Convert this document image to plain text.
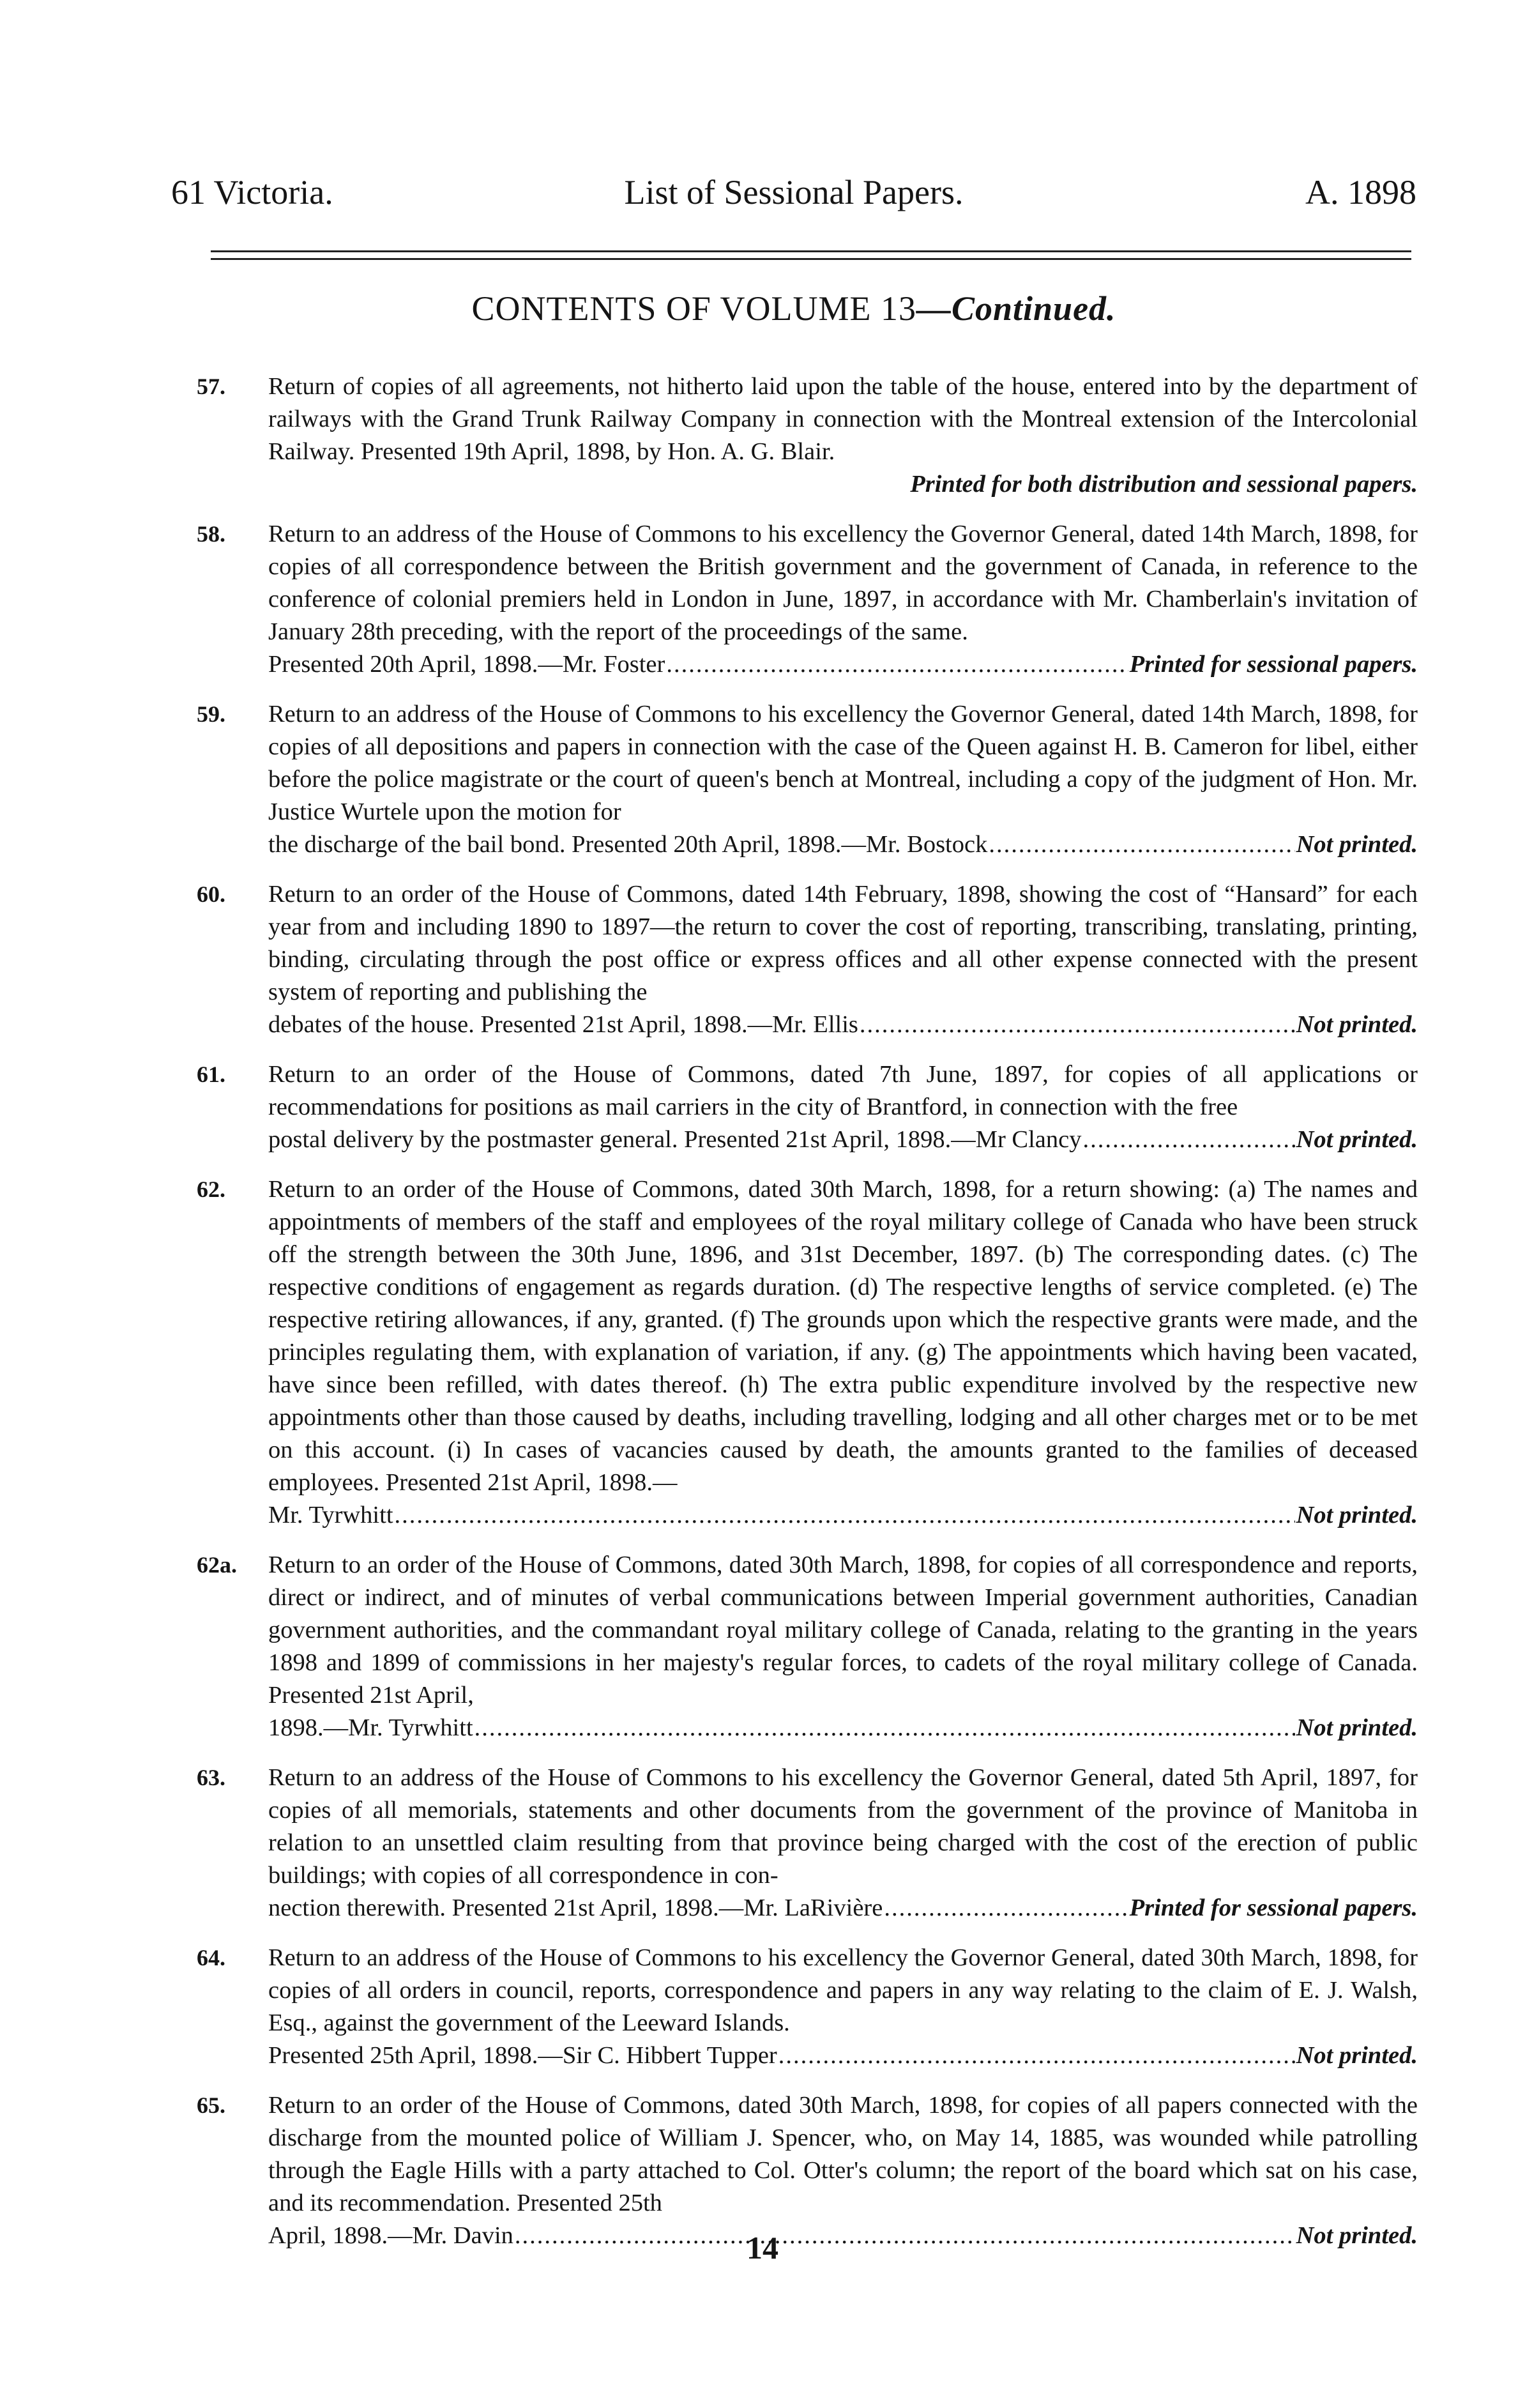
61 Victoria.	List of Sessional Papers.	A. 1898
CONTENTS OF VOLUME 13—Continued.
57. Return of copies of all agreements, not hitherto laid upon the table of the house, entered into by the department of railways with the Grand Trunk Railway Company in connection with the Montreal extension of the Intercolonial Railway. Presented 19th April, 1898, by Hon. A. G. Blair.

Printed for both distribution and sessional papers.
58. Return to an address of the House of Commons to his excellency the Governor General, dated 14th March, 1898, for copies of all correspondence between the British government and the government of Canada, in reference to the conference of colonial premiers held in London in June, 1897, in accordance with Mr. Chamberlain's invitation of January 28th preceding, with the report of the proceedings of the same.

Presented 20th April, 1898.—Mr. Foster .....	Printed for sessional papers.
59. Return to an address of the House of Commons to his excellency the Governor General, dated 14th March, 1898, for copies of all depositions and papers in connection with the case of the Queen against H. B. Cameron for libel, either before the police magistrate or the court of queen's bench at Montreal, including a copy of the judgment of Hon. Mr. Justice Wurtele upon the motion for

the discharge of the bail bond. Presented 20th April, 1898.—Mr. Bostock .....	Not printed.
60. Return to an order of the House of Commons, dated 14th February, 1898, showing the cost of “Hansard” for each year from and including 1890 to 1897—the return to cover the cost of reporting, transcribing, translating, printing, binding, circulating through the post office or express offices and all other expense connected with the present system of reporting and publishing the

debates of the house. Presented 21st April, 1898.—Mr. Ellis .....	Not printed.
61. Return to an order of the House of Commons, dated 7th June, 1897, for copies of all applications or recommendations for positions as mail carriers in the city of Brantford, in connection with the free

postal delivery by the postmaster general. Presented 21st April, 1898.—Mr Clancy .....	Not printed.
62. Return to an order of the House of Commons, dated 30th March, 1898, for a return showing: (a) The names and appointments of members of the staff and employees of the royal military college of Canada who have been struck off the strength between the 30th June, 1896, and 31st December, 1897. (b) The corresponding dates. (c) The respective conditions of engagement as regards duration. (d) The respective lengths of service completed. (e) The respective retiring allowances, if any, granted. (f) The grounds upon which the respective grants were made, and the principles regulating them, with explanation of variation, if any. (g) The appointments which having been vacated, have since been refilled, with dates thereof. (h) The extra public expenditure involved by the respective new appointments other than those caused by deaths, including travelling, lodging and all other charges met or to be met on this account. (i) In cases of vacancies caused by death, the amounts granted to the families of deceased employees. Presented 21st April, 1898.—

Mr. Tyrwhitt .....	Not printed.
62a. Return to an order of the House of Commons, dated 30th March, 1898, for copies of all correspondence and reports, direct or indirect, and of minutes of verbal communications between Imperial government authorities, Canadian government authorities, and the commandant royal military college of Canada, relating to the granting in the years 1898 and 1899 of commissions in her majesty's regular forces, to cadets of the royal military college of Canada. Presented 21st April,

1898.—Mr. Tyrwhitt .....	Not printed.
63. Return to an address of the House of Commons to his excellency the Governor General, dated 5th April, 1897, for copies of all memorials, statements and other documents from the government of the province of Manitoba in relation to an unsettled claim resulting from that province being charged with the cost of the erection of public buildings; with copies of all correspondence in con-

nection therewith. Presented 21st April, 1898.—Mr. LaRivière .....	Printed for sessional papers.
64. Return to an address of the House of Commons to his excellency the Governor General, dated 30th March, 1898, for copies of all orders in council, reports, correspondence and papers in any way relating to the claim of E. J. Walsh, Esq., against the government of the Leeward Islands.

Presented 25th April, 1898.—Sir C. Hibbert Tupper .....	Not printed.
65. Return to an order of the House of Commons, dated 30th March, 1898, for copies of all papers connected with the discharge from the mounted police of William J. Spencer, who, on May 14, 1885, was wounded while patrolling through the Eagle Hills with a party attached to Col. Otter's column; the report of the board which sat on his case, and its recommendation. Presented 25th

April, 1898.—Mr. Davin .....	Not printed.
14
